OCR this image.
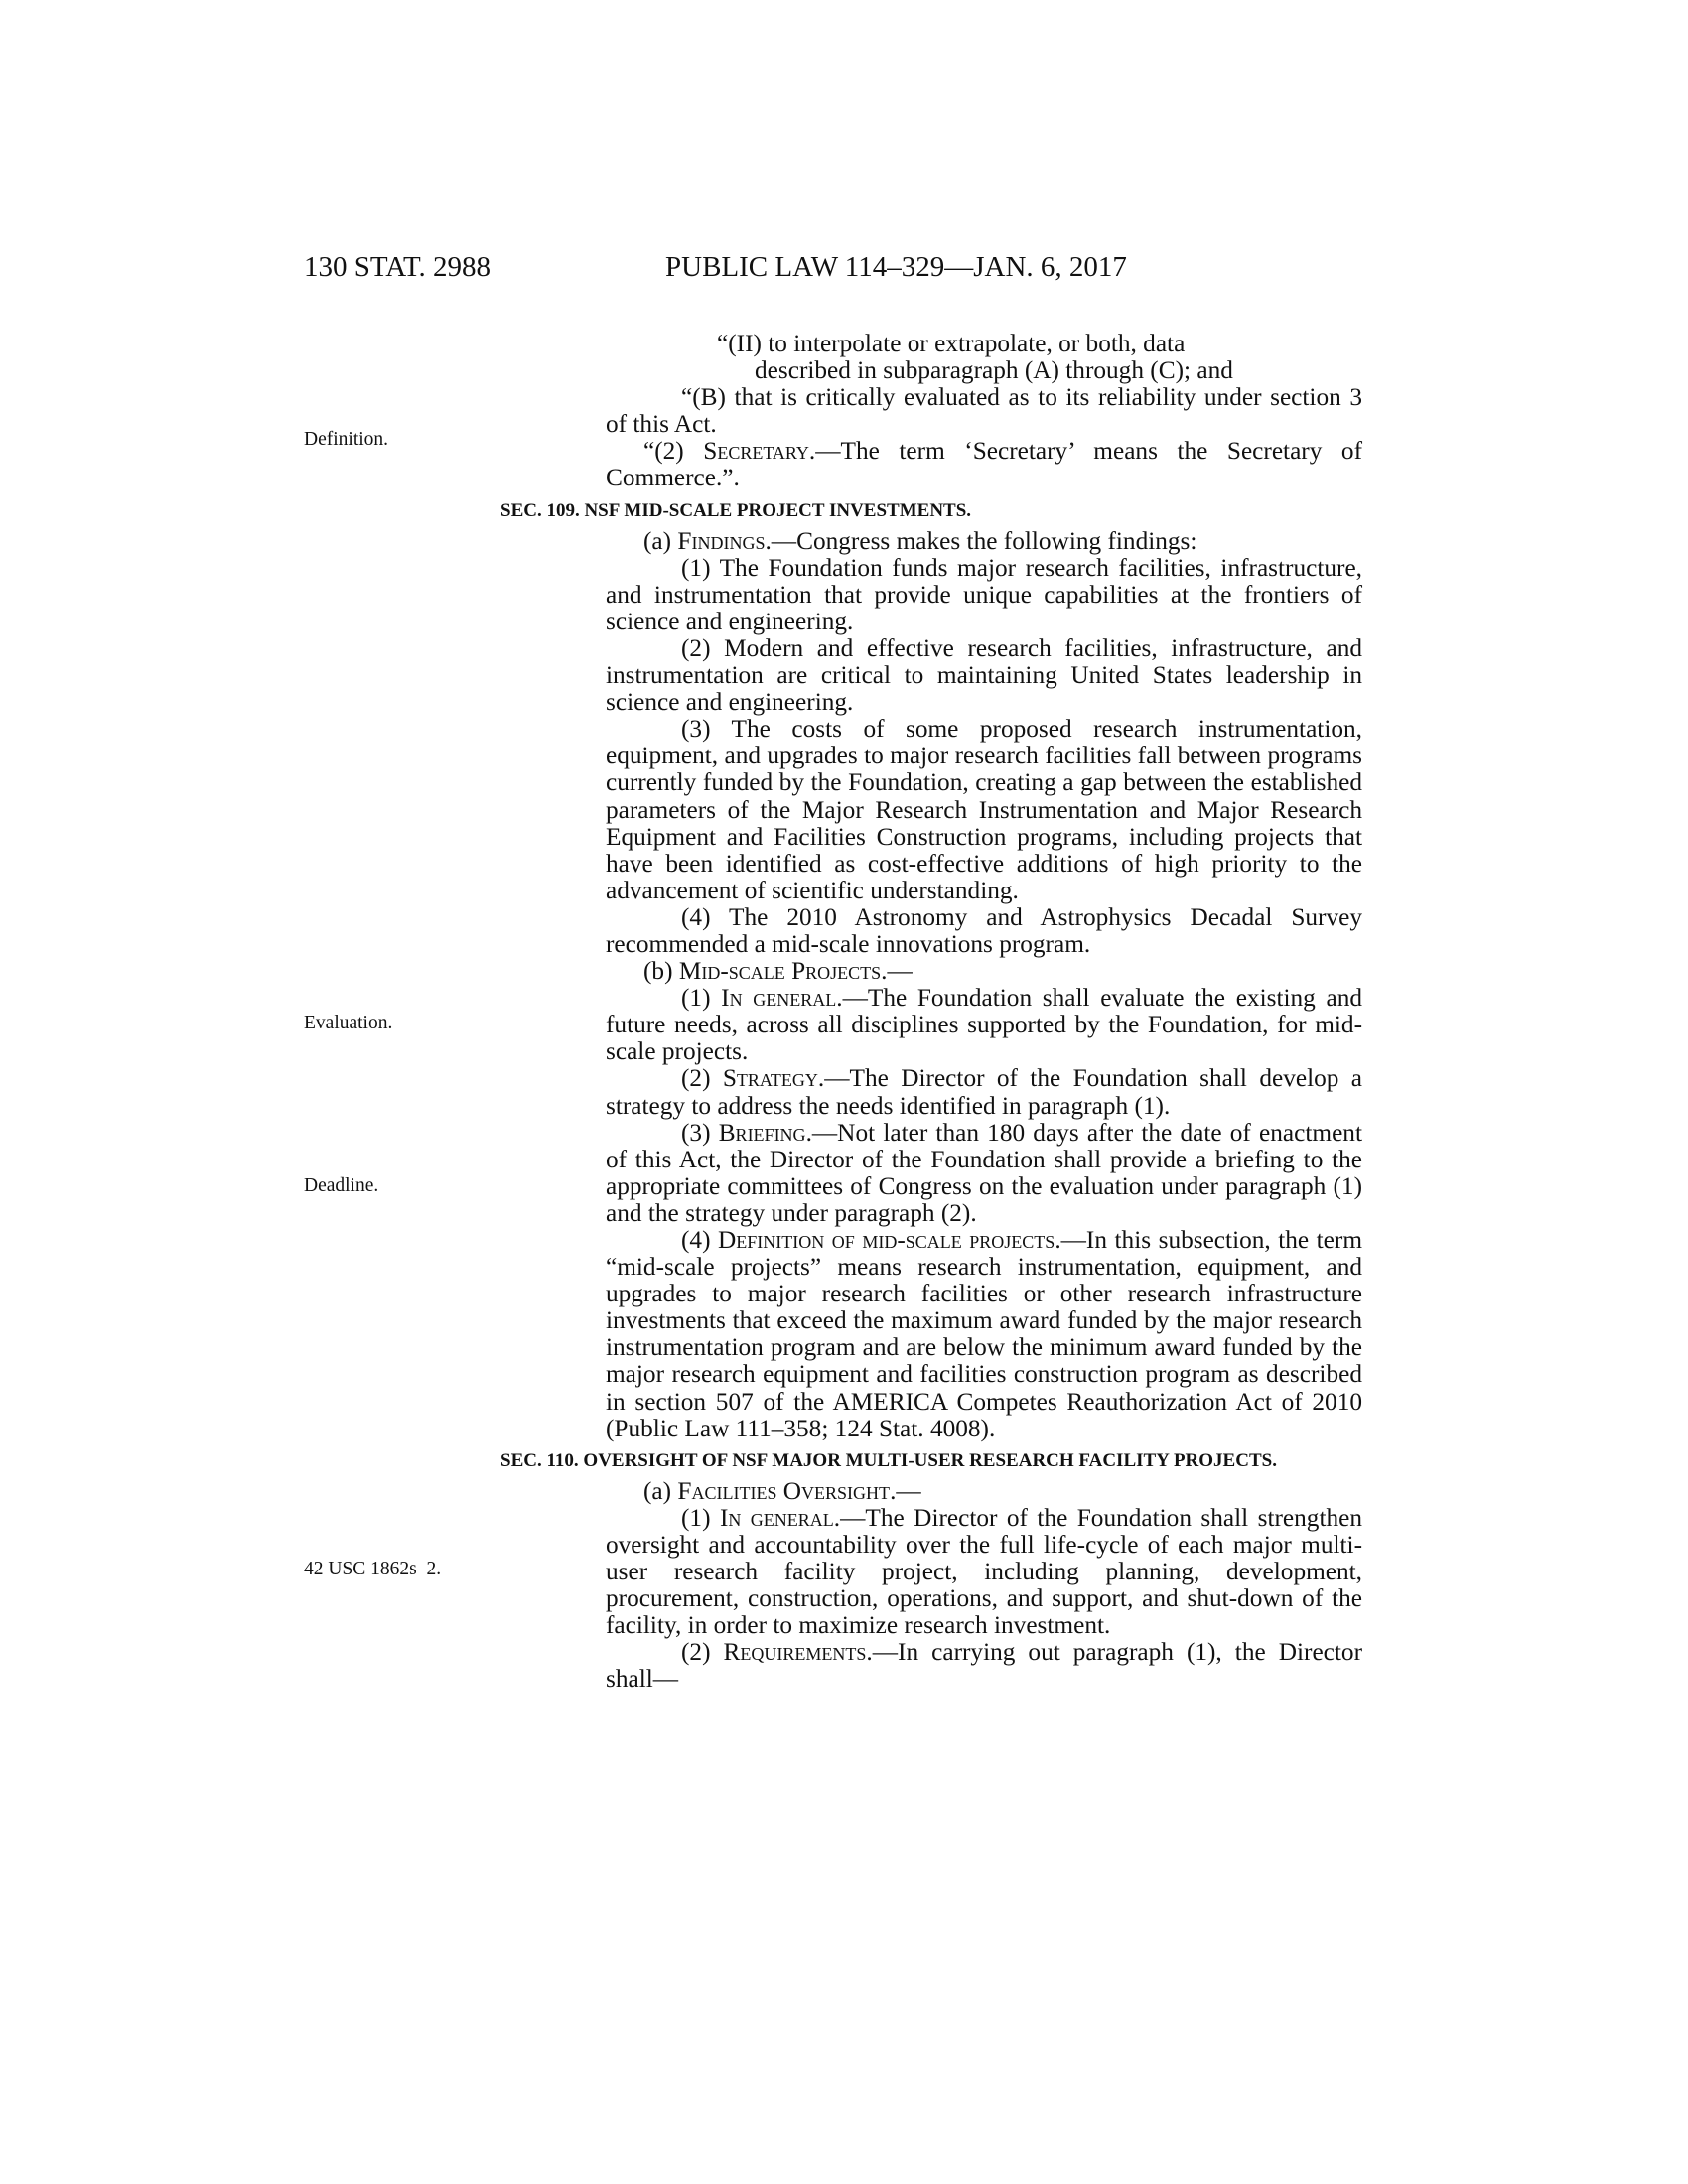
130 STAT. 2988	PUBLIC LAW 114–329—JAN. 6, 2017
Definition.
Evaluation.
Deadline.
42 USC 1862s–2.

“(II) to interpolate or extrapolate, or both, data
described in subparagraph (A) through (C); and

“(B) that is critically evaluated as to its reliability under section 3 of this Act.

“(2) Secretary.—The term ‘Secretary’ means the Secretary of Commerce.”.

SEC. 109. NSF MID-SCALE PROJECT INVESTMENTS.

(a) Findings.—Congress makes the following findings:

(1) The Foundation funds major research facilities, infrastructure, and instrumentation that provide unique capabilities at the frontiers of science and engineering.

(2) Modern and effective research facilities, infrastructure, and instrumentation are critical to maintaining United States leadership in science and engineering.

(3) The costs of some proposed research instrumentation, equipment, and upgrades to major research facilities fall between programs currently funded by the Foundation, creating a gap between the established parameters of the Major Research Instrumentation and Major Research Equipment and Facilities Construction programs, including projects that have been identified as cost-effective additions of high priority to the advancement of scientific understanding.

(4) The 2010 Astronomy and Astrophysics Decadal Survey recommended a mid-scale innovations program.

(b) Mid-scale Projects.—

(1) In general.—The Foundation shall evaluate the existing and future needs, across all disciplines supported by the Foundation, for mid-scale projects.

(2) Strategy.—The Director of the Foundation shall develop a strategy to address the needs identified in paragraph (1).

(3) Briefing.—Not later than 180 days after the date of enactment of this Act, the Director of the Foundation shall provide a briefing to the appropriate committees of Congress on the evaluation under paragraph (1) and the strategy under paragraph (2).

(4) Definition of mid-scale projects.—In this subsection, the term “mid-scale projects” means research instrumentation, equipment, and upgrades to major research facilities or other research infrastructure investments that exceed the maximum award funded by the major research instrumentation program and are below the minimum award funded by the major research equipment and facilities construction program as described in section 507 of the AMERICA Competes Reauthorization Act of 2010 (Public Law 111–358; 124 Stat. 4008).

SEC. 110. OVERSIGHT OF NSF MAJOR MULTI-USER RESEARCH FACILITY PROJECTS.

(a) Facilities Oversight.—

(1) In general.—The Director of the Foundation shall strengthen oversight and accountability over the full life-cycle of each major multi-user research facility project, including planning, development, procurement, construction, operations, and support, and shut-down of the facility, in order to maximize research investment.

(2) Requirements.—In carrying out paragraph (1), the Director shall—
